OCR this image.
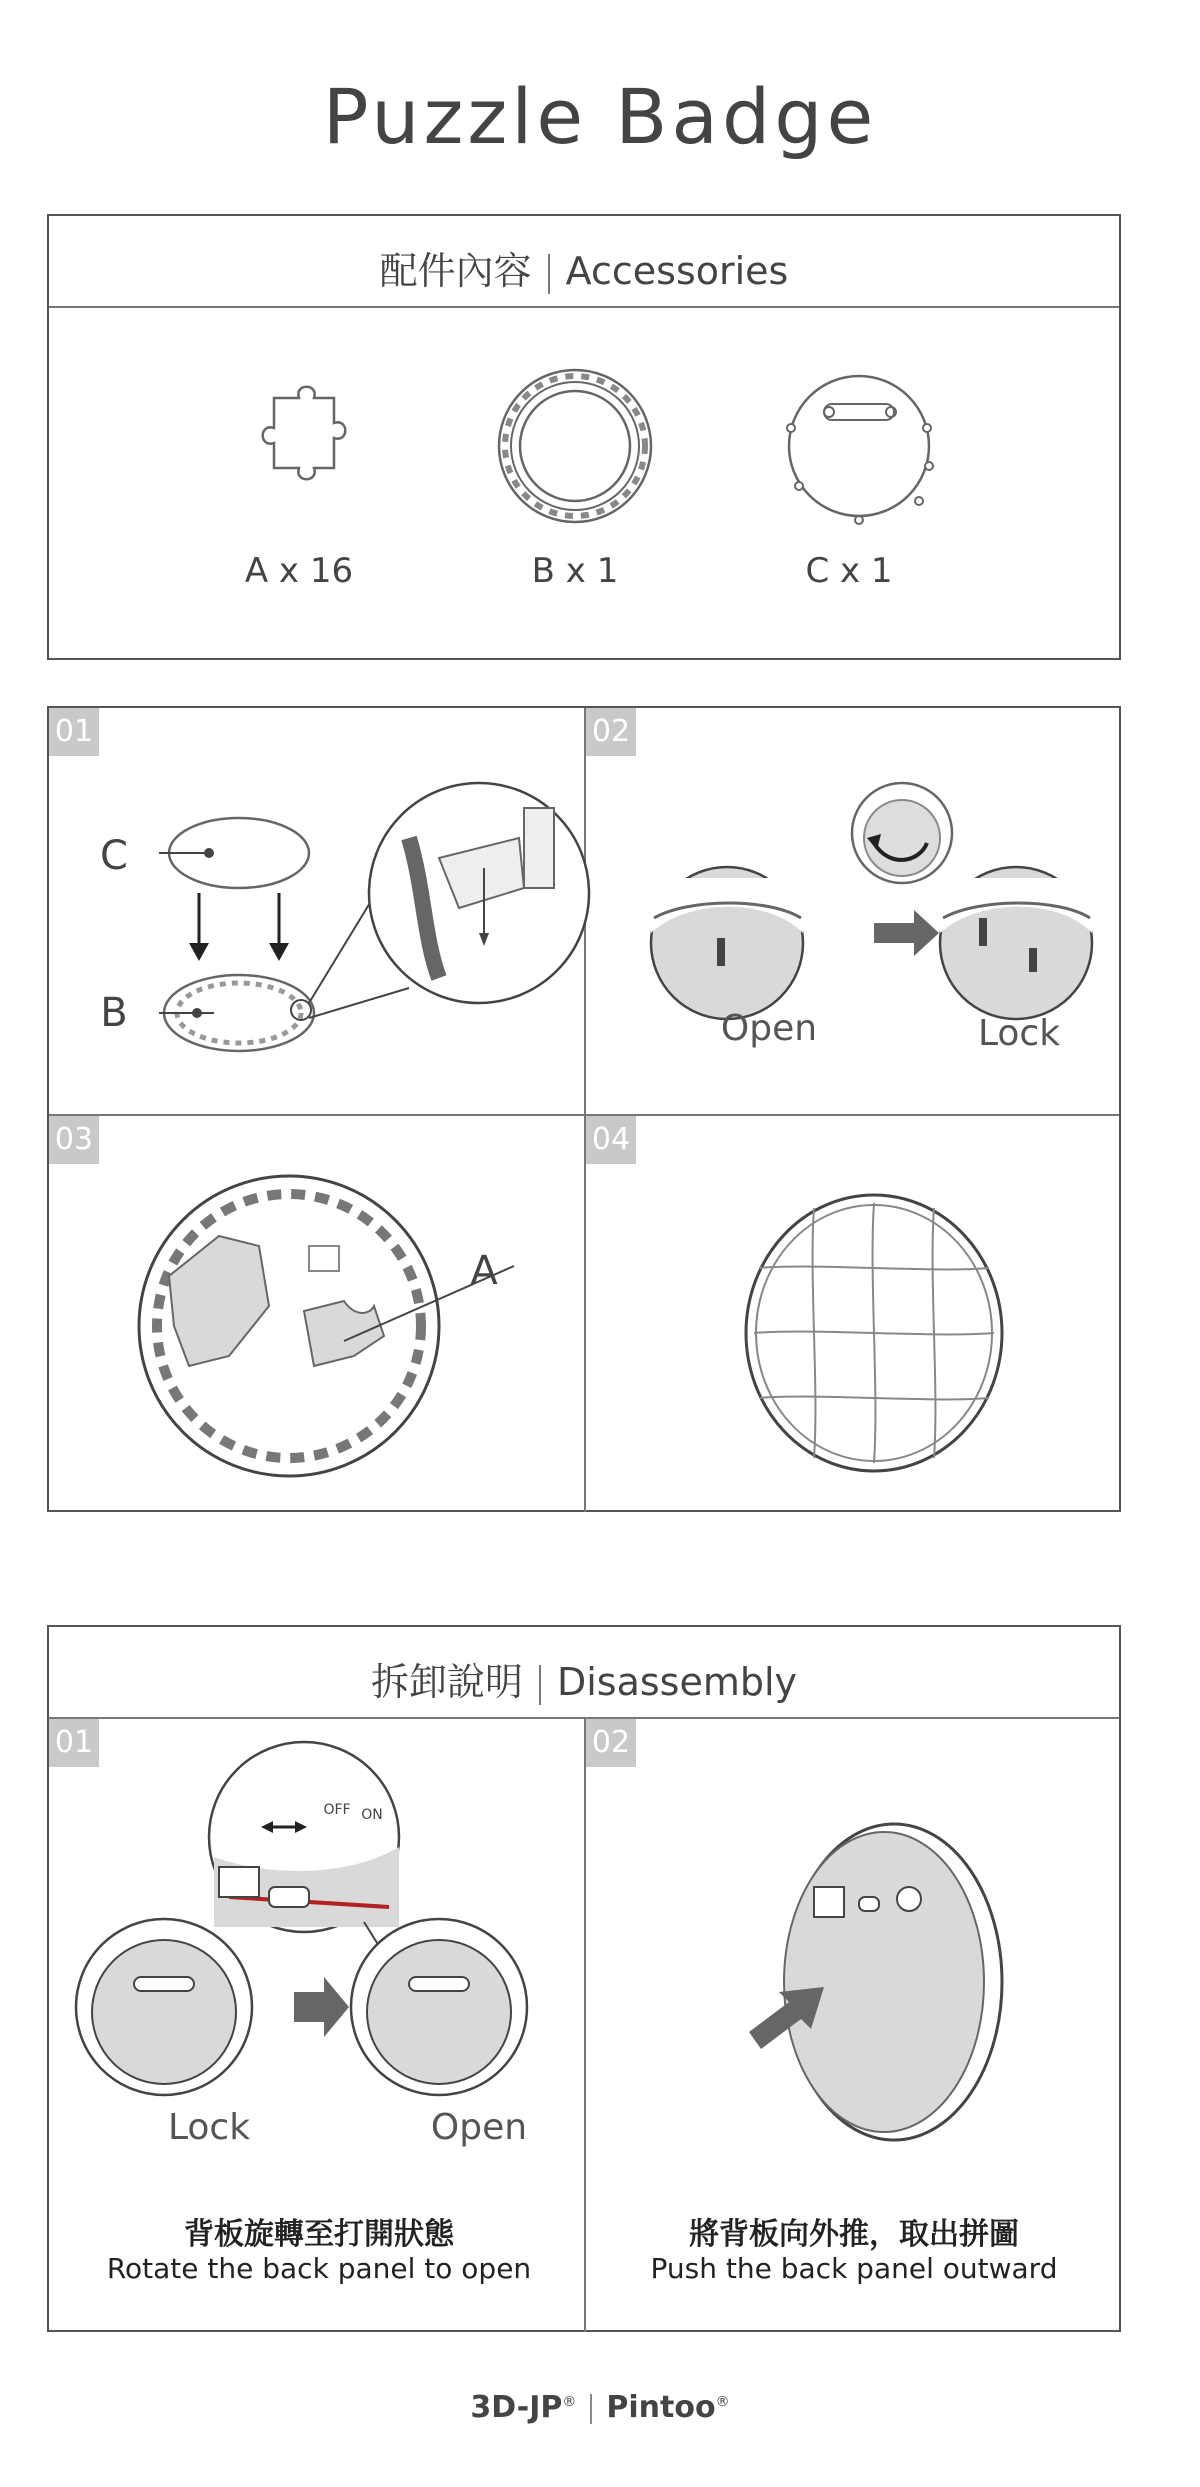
Puzzle Badge
配件內容 Accessories
A x 16	B x 1	C x 1
01
C
B
02
Open	Lock
03
A
04
拆卸說明 Disassembly
01
OFF ON
Lock	Open
背板旋轉至打開狀態
Rotate the back panel to open
02
將背板向外推，取出拼圖
Push the back panel outward
3D-JP® Pintoo®
